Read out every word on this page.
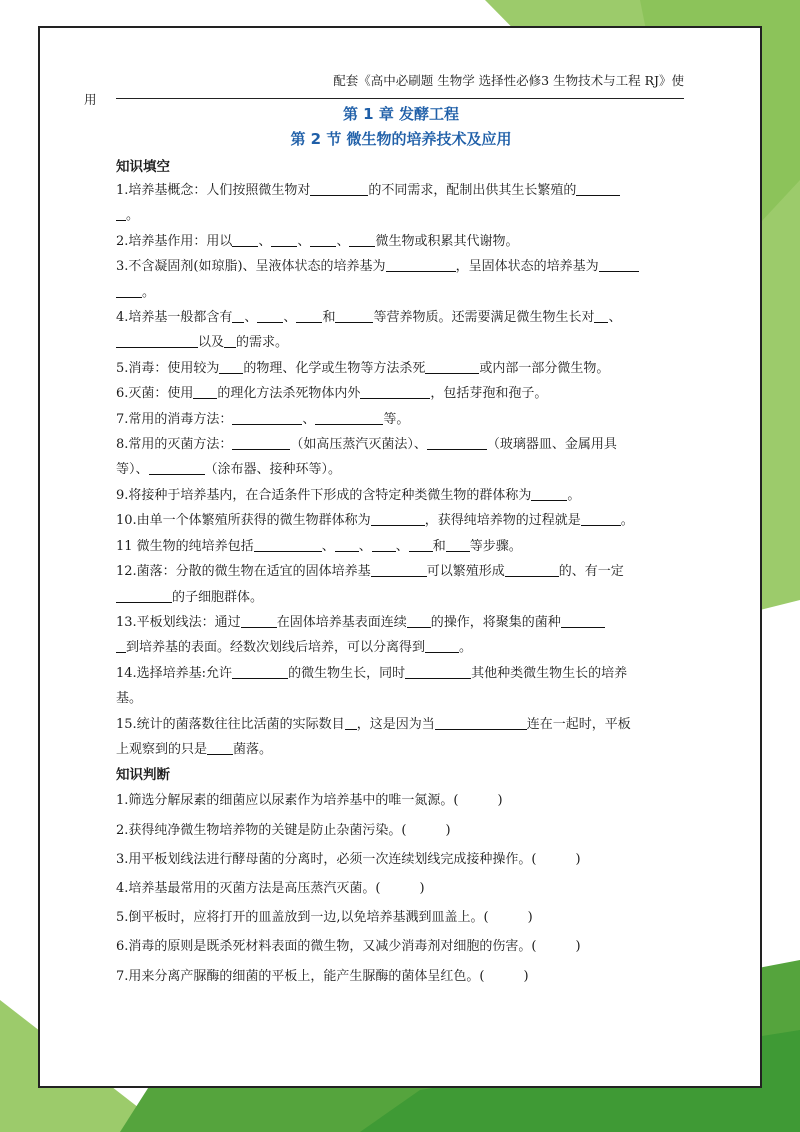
配套《高中必刷题 生物学 选择性必修3 生物技术与工程 RJ》使
用
第 1 章 发酵工程
第 2 节 微生物的培养技术及应用
知识填空
1.培养基概念：人们按照微生物对	的不同需求，配制出供其生长繁殖的
。
2.培养基作用：用以 、 、 、 微生物或积累其代谢物。
3.不含凝固剂(如琼脂)、呈液体状态的培养基为	，呈固体状态的培养基为
。
4.培养基一般都含有 、 、 和	等营养物质。还需要满足微生物生长对 、
以及 的需求。
5.消毒：使用较为 的物理、化学或生物等方法杀死	或内部一部分微生物。
6.灭菌：使用 的理化方法杀死物体内外	，包括芽孢和孢子。
7.常用的消毒方法：	、	等。
8.常用的灭菌方法：	（如高压蒸汽灭菌法）、	（玻璃器皿、金属用具
等）、	（涂布器、接种环等）。
9.将接种于培养基内，在合适条件下形成的含特定种类微生物的群体称为	。
10.由单一个体繁殖所获得的微生物群体称为	，获得纯培养物的过程就是	。
11 微生物的纯培养包括	、 、 、 和 等步骤。
12.菌落：分散的微生物在适宜的固体培养基	可以繁殖形成	的、有一定
的子细胞群体。
13.平板划线法：通过	在固体培养基表面连续 的操作，将聚集的菌种
到培养基的表面。经数次划线后培养，可以分离得到	。
14.选择培养基:允许	的微生物生长，同时	其他种类微生物生长的培养
基。
15.统计的菌落数往往比活菌的实际数目 ，这是因为当	连在一起时，平板
上观察到的只是 菌落。
知识判断
1.筛选分解尿素的细菌应以尿素作为培养基中的唯一氮源。(　　　)
2.获得纯净微生物培养物的关键是防止杂菌污染。(　　　)
3.用平板划线法进行酵母菌的分离时，必须一次连续划线完成接种操作。(　　　)
4.培养基最常用的灭菌方法是高压蒸汽灭菌。(　　　)
5.倒平板时，应将打开的皿盖放到一边,以免培养基溅到皿盖上。(　　　)
6.消毒的原则是既杀死材料表面的微生物，又减少消毒剂对细胞的伤害。(　　　)
7.用来分离产脲酶的细菌的平板上，能产生脲酶的菌体呈红色。(　　　)
